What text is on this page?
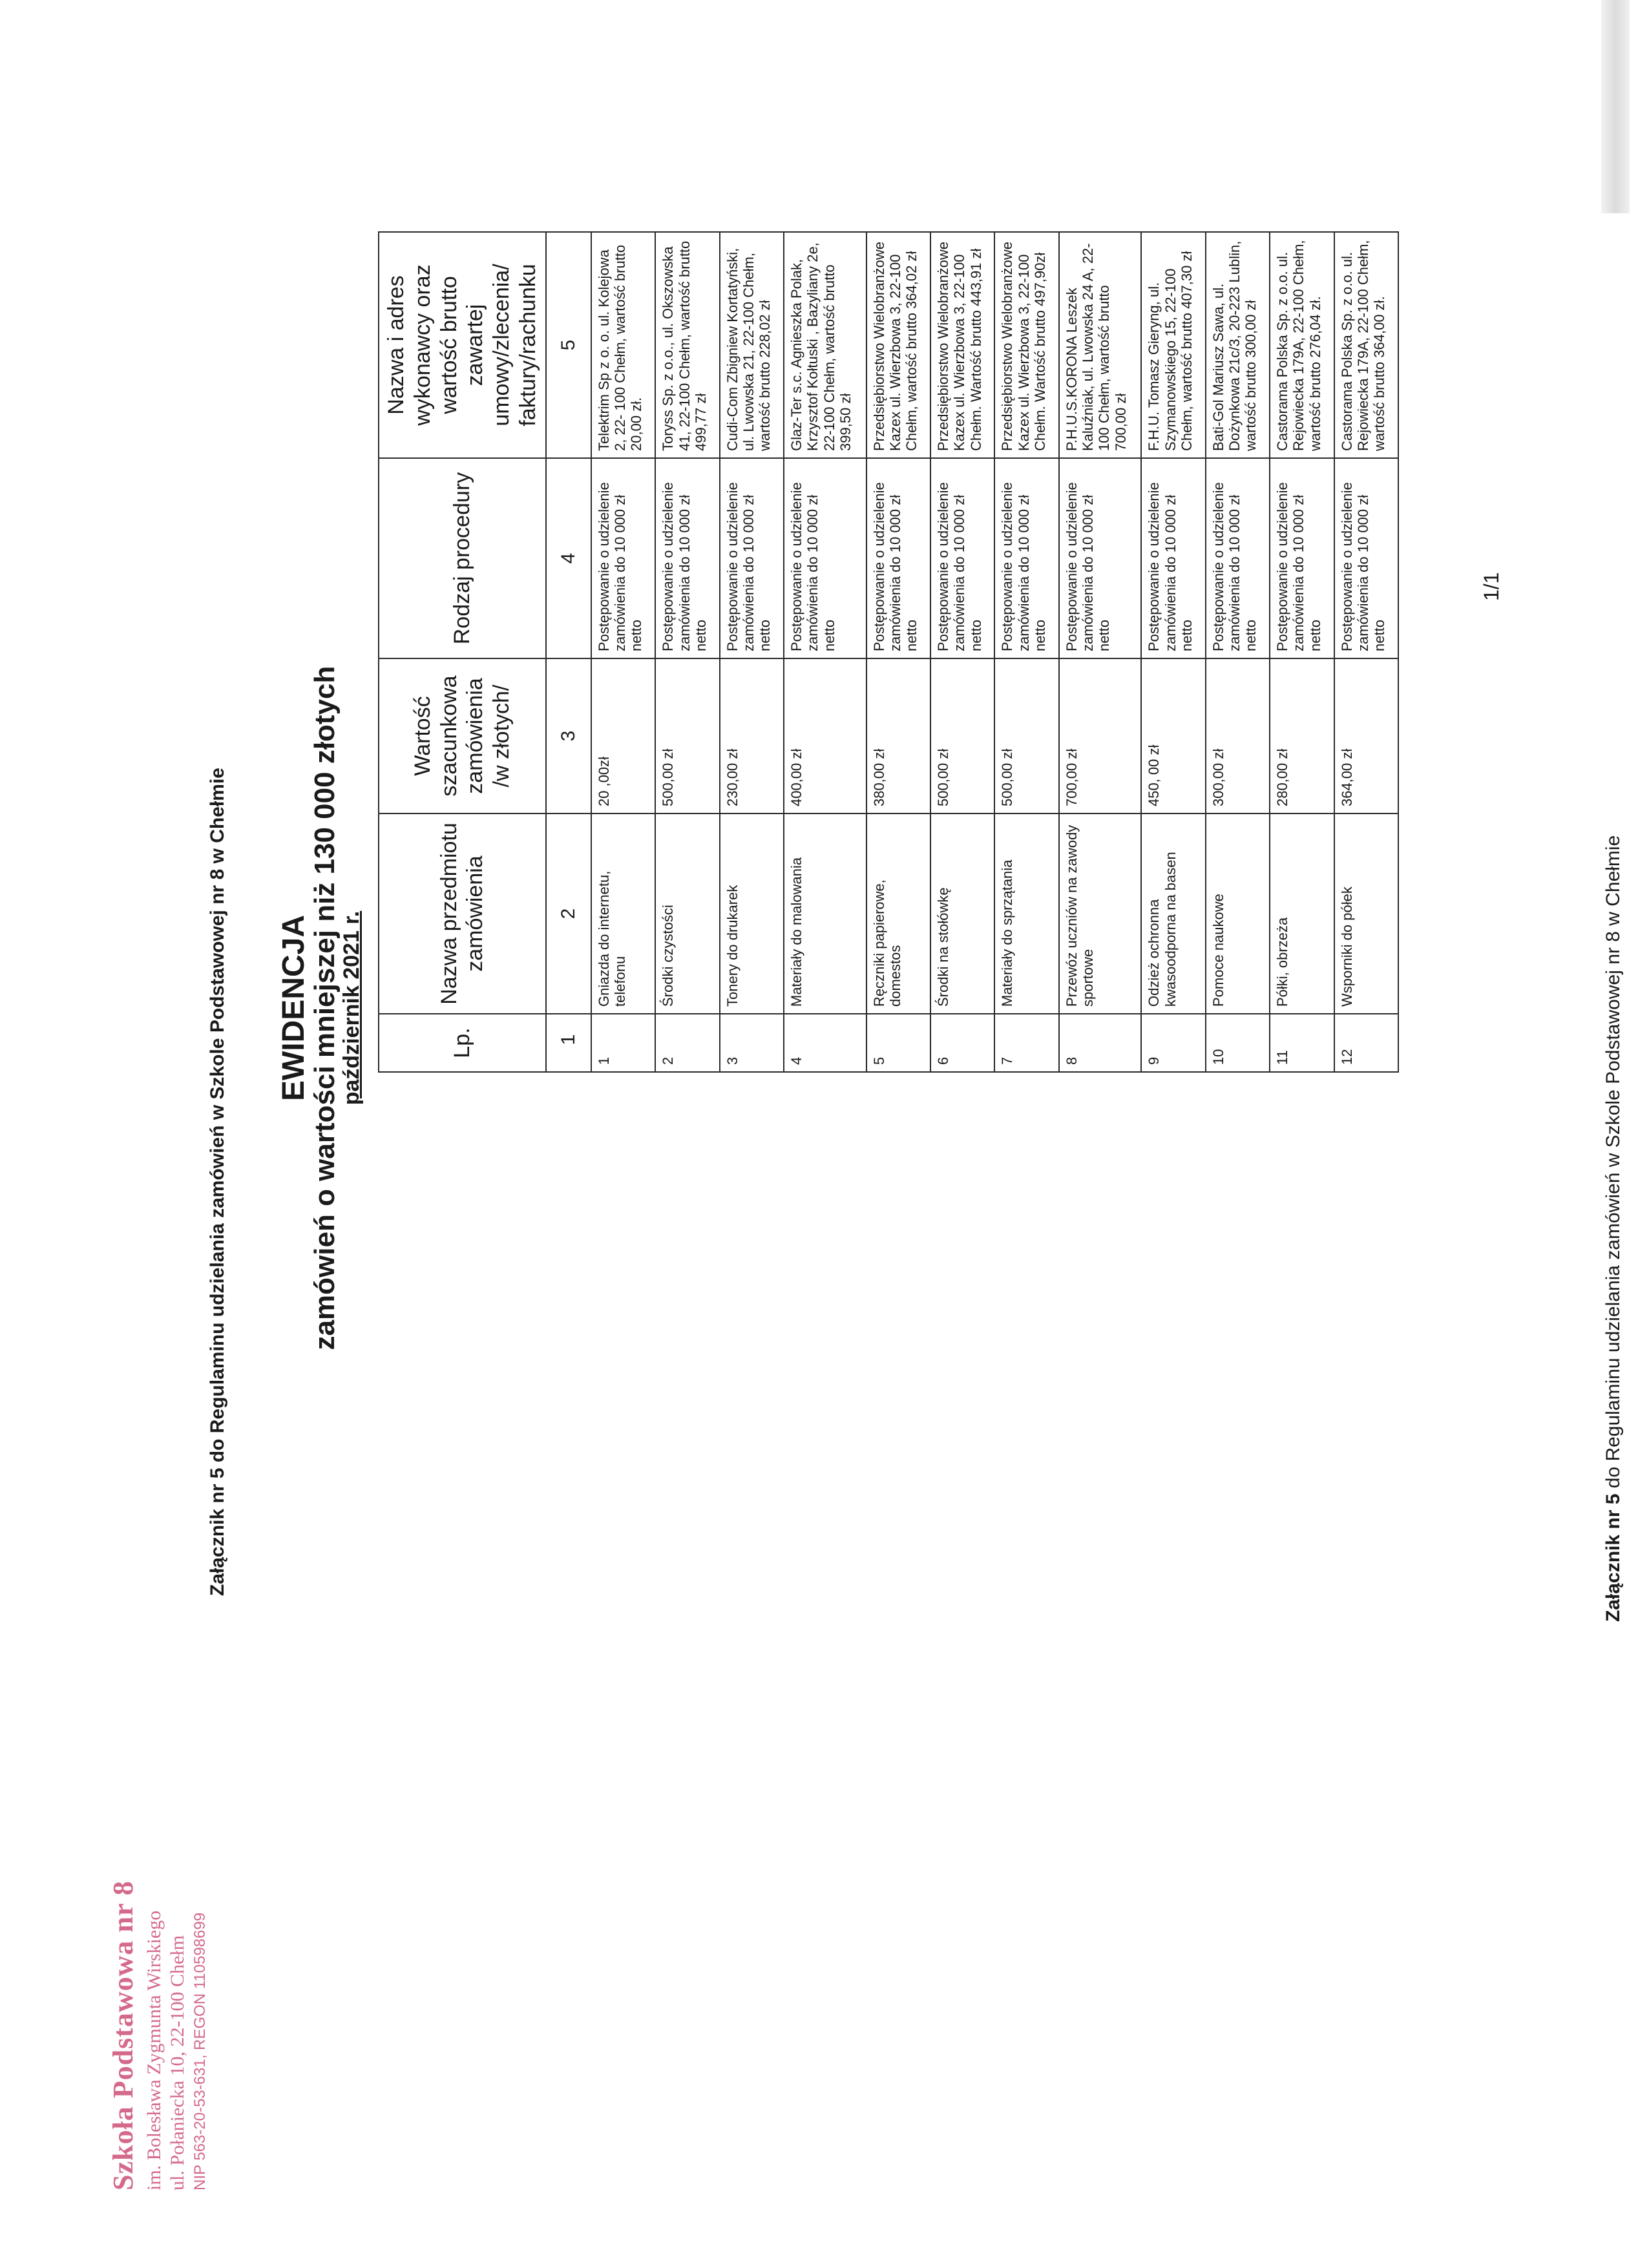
Załącznik nr 5 do Regulaminu udzielania zamówień w Szkole Podstawowej nr 8 w Chełmie EWIDENCJA
zamówień o wartości mniejszej niż 130 000 złotych
październik 2021 r.
Szkoła Podstawowa nr 8 im. Bolesława Zygmunta Wirskiego ul. Połaniecka 10, 22-100 Chełm NIP 563-20-53-631, REGON 110598699
Lp.	Nazwa przedmiotu zamówienia	Wartość szacunkowa zamówienia /w złotych/	Rodzaj procedury	Nazwa i adres wykonawcy oraz wartość brutto zawartej umowy/zlecenia/ faktury/rachunku
1	2	3	4	5
1	Gniazda do internetu, telefonu	20 ,00zł	Postępowanie o udzielenie zamówienia do 10 000 zł netto	Telektrim Sp z o. o. ul. Kolejowa 2, 22- 100 Chełm, wartość brutto 20,00 zł.
2	Środki czystości	500,00 zł	Postępowanie o udzielenie zamówienia do 10 000 zł netto	Toryss Sp. z o.o., ul. Okszowska 41, 22-100 Chełm, wartość brutto 499,77 zł
3	Tonery do drukarek	230,00 zł	Postępowanie o udzielenie zamówienia do 10 000 zł netto	Cudi-Com Zbigniew Kortatyński, ul. Lwowska 21, 22-100 Chełm, wartość brutto 228,02 zł
4	Materiały do malowania	400,00 zł	Postępowanie o udzielenie zamówienia do 10 000 zł netto	Glaz-Ter s.c. Agnieszka Polak, Krzysztof Kołtuski , Bazyliany 2e, 22-100 Chełm, wartość brutto 399,50 zł
5	Ręczniki papierowe, domestos	380,00 zł	Postępowanie o udzielenie zamówienia do 10 000 zł netto	Przedsiębiorstwo Wielobranżowe Kazex ul. Wierzbowa 3, 22-100 Chełm, wartość brutto 364,02 zł
6	Środki na stołówkę	500,00 zł	Postępowanie o udzielenie zamówienia do 10 000 zł netto	Przedsiębiorstwo Wielobranżowe Kazex ul. Wierzbowa 3, 22-100 Chełm. Wartość brutto 443,91 zł
7	Materiały do sprzątania	500,00 zł	Postępowanie o udzielenie zamówienia do 10 000 zł netto	Przedsiębiorstwo Wielobranżowe Kazex ul. Wierzbowa 3, 22-100 Chełm. Wartość brutto 497,90zł
8	Przewóz uczniów na zawody sportowe	700,00 zł	Postępowanie o udzielenie zamówienia do 10 000 zł netto	P.H.U.S.KORONA Leszek Kaluźniak, ul. Lwowska 24 A, 22-100 Chełm, wartość brutto 700,00 zł
9	Odzież ochronna kwasoodporna na basen	450, 00 zł	Postępowanie o udzielenie zamówienia do 10 000 zł netto	F.H.U. Tomasz Gieryng, ul. Szymanowskiego 15, 22-100 Chełm, wartość brutto 407,30 zł
10	Pomoce naukowe	300,00 zł	Postępowanie o udzielenie zamówienia do 10 000 zł netto	Bati-Gol Mariusz Sawa, ul. Dożynkowa 21c/3, 20-223 Lublin, wartość brutto 300,00 zł
11	Półki, obrzeża	280,00 zł	Postępowanie o udzielenie zamówienia do 10 000 zł netto	Castorama Polska Sp. z o.o. ul. Rejowiecka 179A, 22-100 Chełm, wartość brutto 276,04 zł.
12	Wsporniki do półek	364,00 zł	Postępowanie o udzielenie zamówienia do 10 000 zł netto	Castorama Polska Sp. z o.o. ul. Rejowiecka 179A, 22-100 Chełm, wartość brutto 364,00 zł.
1/1
Załącznik nr 5 do Regulaminu udzielania zamówień w Szkole Podstawowej nr 8 w Chełmie
